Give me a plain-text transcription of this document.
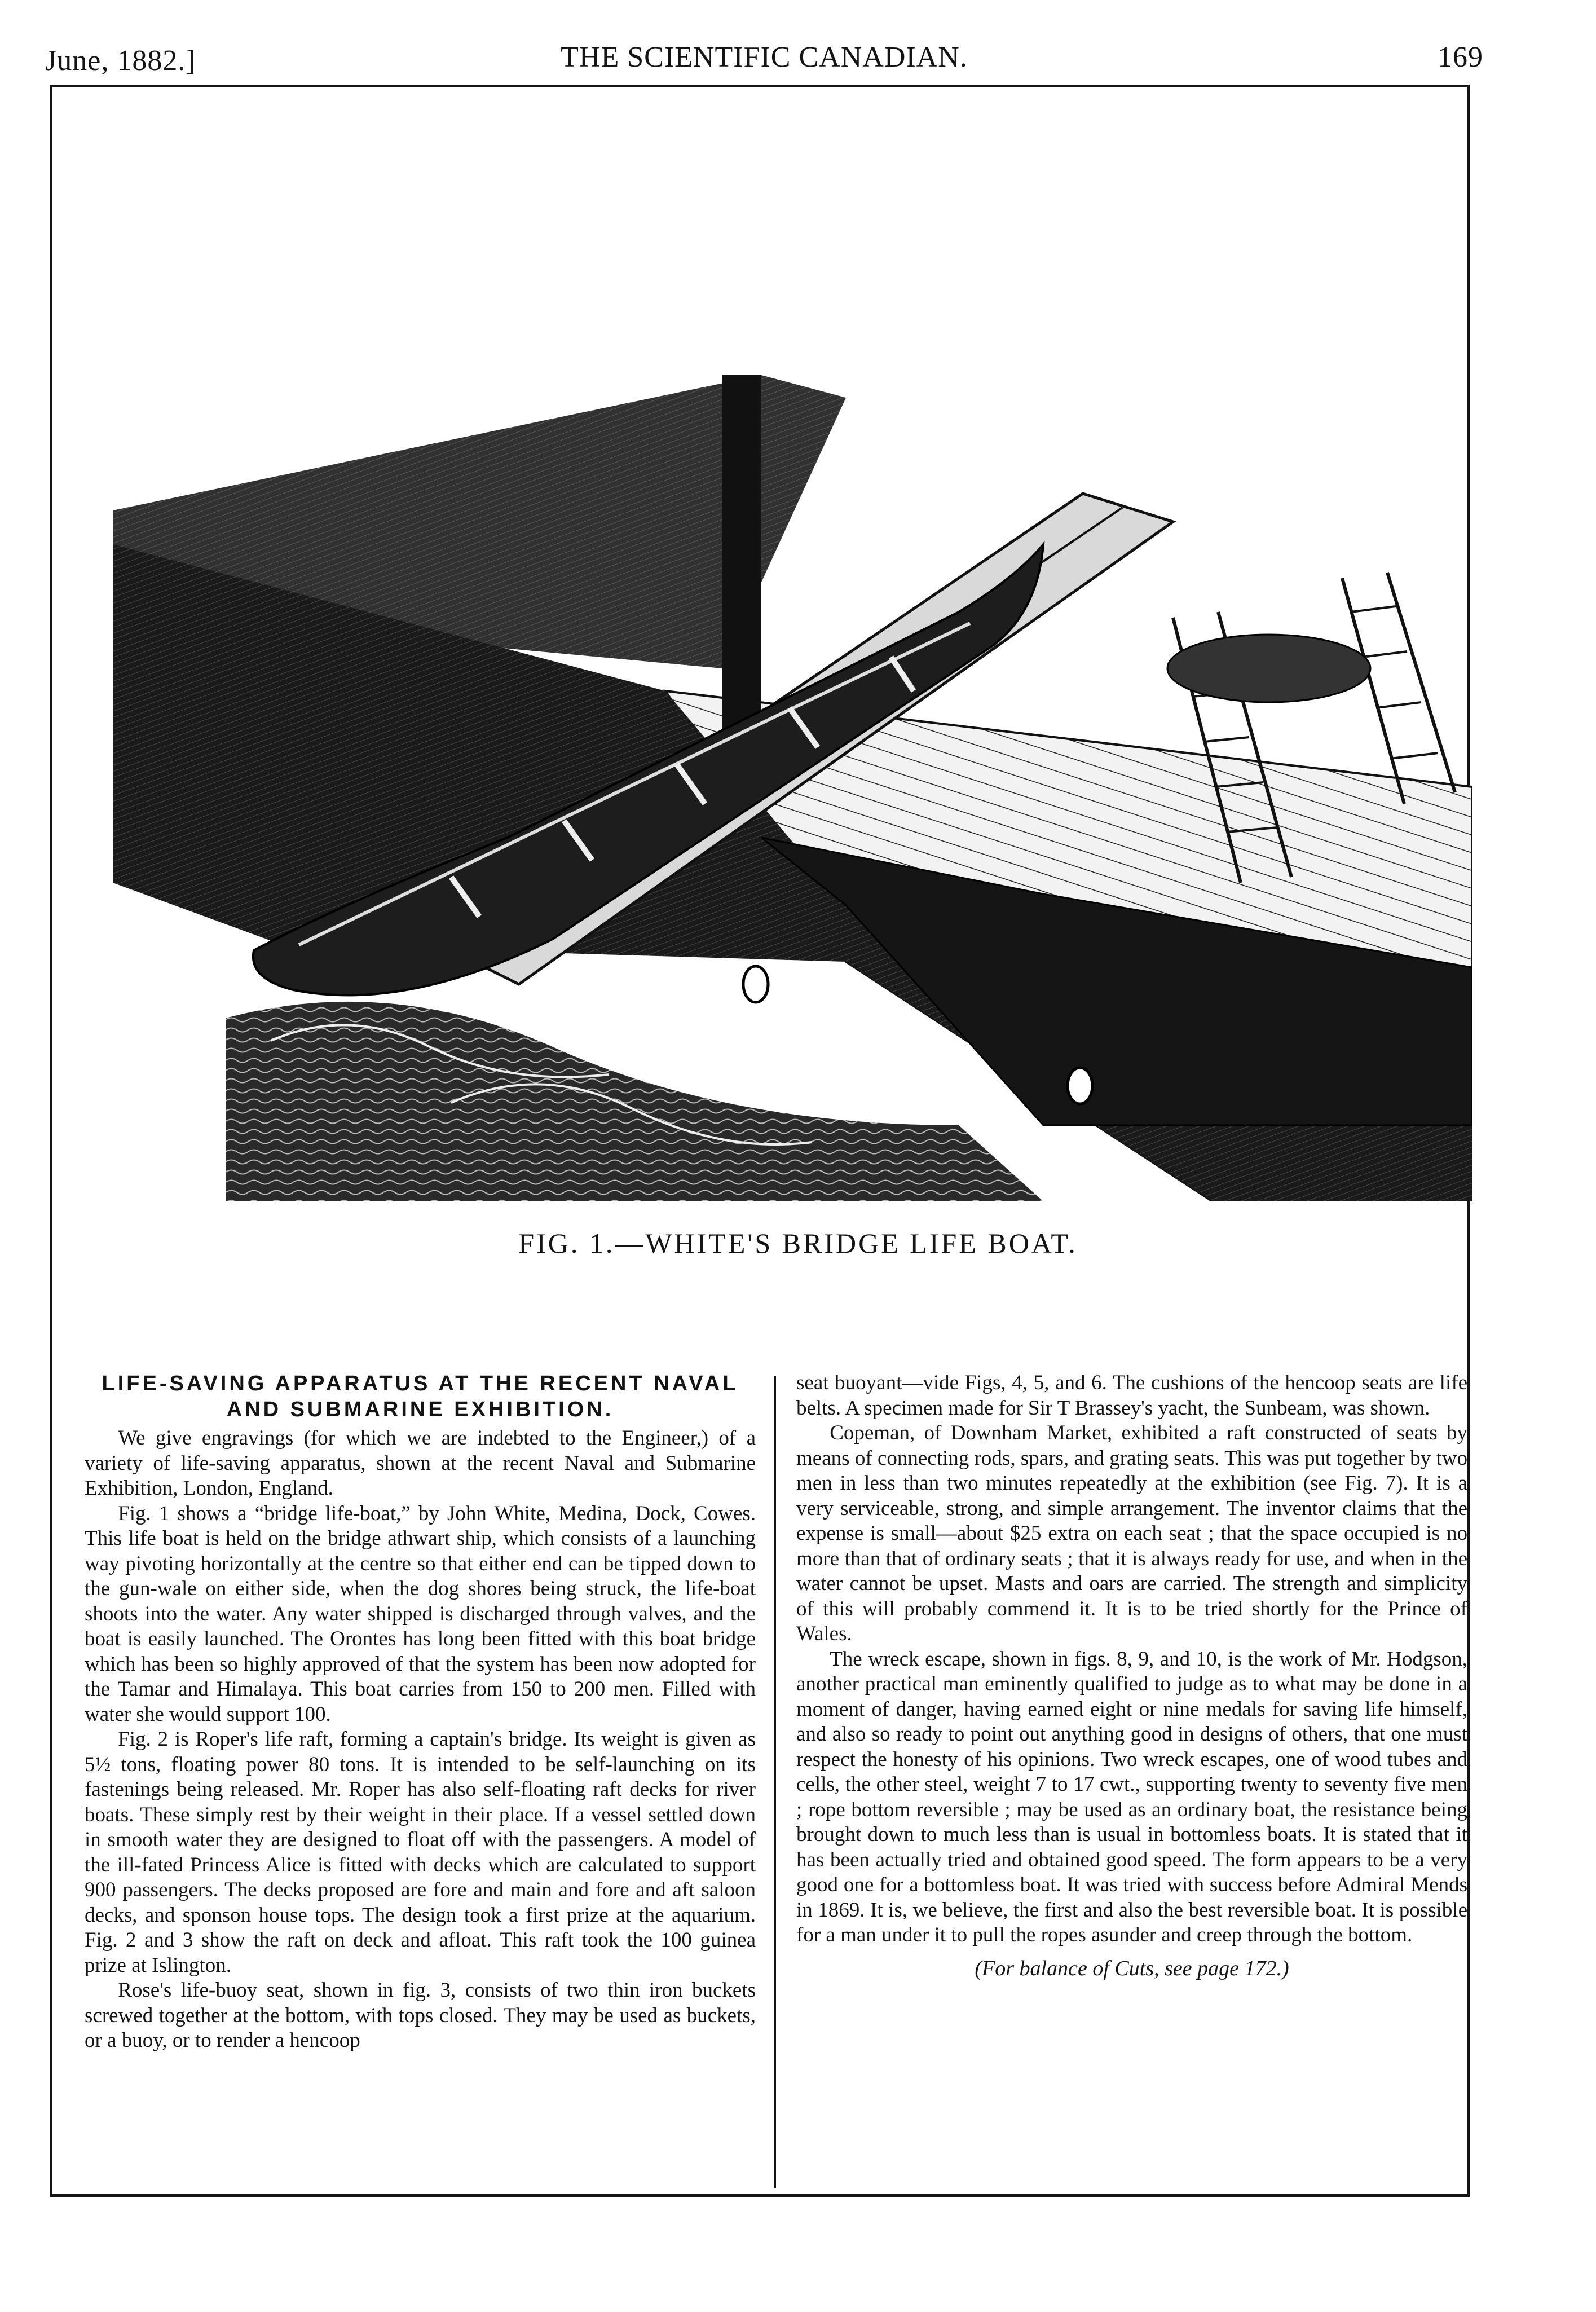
June, 1882.]	THE SCIENTIFIC CANADIAN.	169
FIG. 1.—WHITE'S BRIDGE LIFE BOAT.
LIFE-SAVING APPARATUS AT THE RECENT NAVAL
AND SUBMARINE EXHIBITION.

We give engravings (for which we are indebted to the Engineer,) of a variety of life-saving apparatus, shown at the recent Naval and Submarine Exhibition, London, England.

Fig. 1 shows a “bridge life-boat,” by John White, Medina, Dock, Cowes. This life boat is held on the bridge athwart ship, which consists of a launching way pivoting horizontally at the centre so that either end can be tipped down to the gun-wale on either side, when the dog shores being struck, the life-boat shoots into the water. Any water shipped is discharged through valves, and the boat is easily launched. The Orontes has long been fitted with this boat bridge which has been so highly approved of that the system has been now adopted for the Tamar and Himalaya. This boat carries from 150 to 200 men. Filled with water she would support 100.

Fig. 2 is Roper's life raft, forming a captain's bridge. Its weight is given as 5½ tons, floating power 80 tons. It is intended to be self-launching on its fastenings being released. Mr. Roper has also self-floating raft decks for river boats. These simply rest by their weight in their place. If a vessel settled down in smooth water they are designed to float off with the passengers. A model of the ill-fated Princess Alice is fitted with decks which are calculated to support 900 passengers. The decks proposed are fore and main and fore and aft saloon decks, and sponson house tops. The design took a first prize at the aquarium. Fig. 2 and 3 show the raft on deck and afloat. This raft took the 100 guinea prize at Islington.

Rose's life-buoy seat, shown in fig. 3, consists of two thin iron buckets screwed together at the bottom, with tops closed. They may be used as buckets, or a buoy, or to render a hencoop

seat buoyant—vide Figs, 4, 5, and 6. The cushions of the hencoop seats are life belts. A specimen made for Sir T Brassey's yacht, the Sunbeam, was shown.

Copeman, of Downham Market, exhibited a raft constructed of seats by means of connecting rods, spars, and grating seats. This was put together by two men in less than two minutes repeatedly at the exhibition (see Fig. 7). It is a very serviceable, strong, and simple arrangement. The inventor claims that the expense is small—about $25 extra on each seat ; that the space occupied is no more than that of ordinary seats ; that it is always ready for use, and when in the water cannot be upset. Masts and oars are carried. The strength and simplicity of this will probably commend it. It is to be tried shortly for the Prince of Wales.

The wreck escape, shown in figs. 8, 9, and 10, is the work of Mr. Hodgson, another practical man eminently qualified to judge as to what may be done in a moment of danger, having earned eight or nine medals for saving life himself, and also so ready to point out anything good in designs of others, that one must respect the honesty of his opinions. Two wreck escapes, one of wood tubes and cells, the other steel, weight 7 to 17 cwt., supporting twenty to seventy five men ; rope bottom reversible ; may be used as an ordinary boat, the resistance being brought down to much less than is usual in bottomless boats. It is stated that it has been actually tried and obtained good speed. The form appears to be a very good one for a bottomless boat. It was tried with success before Admiral Mends in 1869. It is, we believe, the first and also the best reversible boat. It is possible for a man under it to pull the ropes asunder and creep through the bottom.

(For balance of Cuts, see page 172.)
